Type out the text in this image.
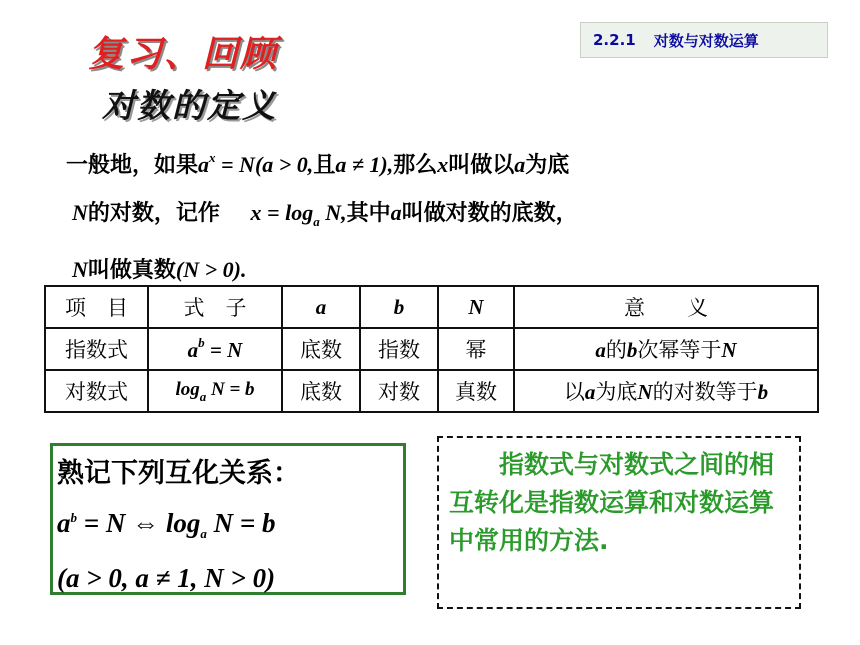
复习、回顾
对数的定义
2.2.1 对数与对数运算
一般地，如果$a^x = N(a > 0$,且a ≠ 1),那么x叫做以a为底
N的对数，记作 $x = \log_a N$,其中a叫做对数的底数，
N叫做真数(N > 0).
项　目	式　子	a	b	N	意　　义
指数式	$a^b = N$	底数	指数	幂	a的b次幂等于N
对数式	$\log_a N = b$	底数	对数	真数	以a为底N的对数等于b
熟记下列互化关系：
$a^b = N$ ⇔ $\log_a N = b$
(a > 0, a ≠ 1, N > 0)
指数式与对数式之间的相互转化是指数运算和对数运算中常用的方法.
